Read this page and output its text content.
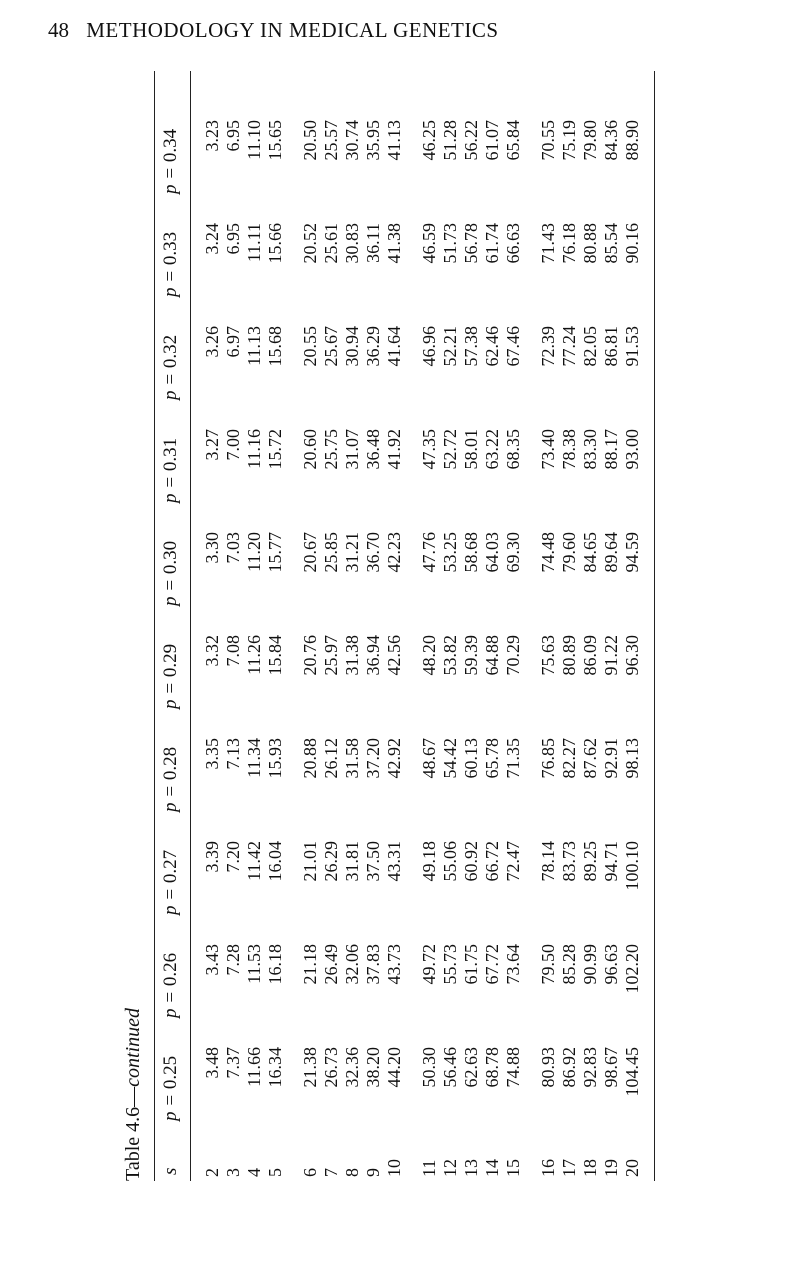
48 METHODOLOGY IN MEDICAL GENETICS
Table 4.6—continued
s
p = 0.25
p = 0.26
p = 0.27
p = 0.28
p = 0.29
p = 0.30
p = 0.31
p = 0.32
p = 0.33
p = 0.34
2
3.48
3.43
3.39
3.35
3.32
3.30
3.27
3.26
3.24
3.23
3
7.37
7.28
7.20
7.13
7.08
7.03
7.00
6.97
6.95
6.95
4
11.66
11.53
11.42
11.34
11.26
11.20
11.16
11.13
11.11
11.10
5
16.34
16.18
16.04
15.93
15.84
15.77
15.72
15.68
15.66
15.65
6
21.38
21.18
21.01
20.88
20.76
20.67
20.60
20.55
20.52
20.50
7
26.73
26.49
26.29
26.12
25.97
25.85
25.75
25.67
25.61
25.57
8
32.36
32.06
31.81
31.58
31.38
31.21
31.07
30.94
30.83
30.74
9
38.20
37.83
37.50
37.20
36.94
36.70
36.48
36.29
36.11
35.95
10
44.20
43.73
43.31
42.92
42.56
42.23
41.92
41.64
41.38
41.13
11
50.30
49.72
49.18
48.67
48.20
47.76
47.35
46.96
46.59
46.25
12
56.46
55.73
55.06
54.42
53.82
53.25
52.72
52.21
51.73
51.28
13
62.63
61.75
60.92
60.13
59.39
58.68
58.01
57.38
56.78
56.22
14
68.78
67.72
66.72
65.78
64.88
64.03
63.22
62.46
61.74
61.07
15
74.88
73.64
72.47
71.35
70.29
69.30
68.35
67.46
66.63
65.84
16
80.93
79.50
78.14
76.85
75.63
74.48
73.40
72.39
71.43
70.55
17
86.92
85.28
83.73
82.27
80.89
79.60
78.38
77.24
76.18
75.19
18
92.83
90.99
89.25
87.62
86.09
84.65
83.30
82.05
80.88
79.80
19
98.67
96.63
94.71
92.91
91.22
89.64
88.17
86.81
85.54
84.36
20
104.45
102.20
100.10
98.13
96.30
94.59
93.00
91.53
90.16
88.90
